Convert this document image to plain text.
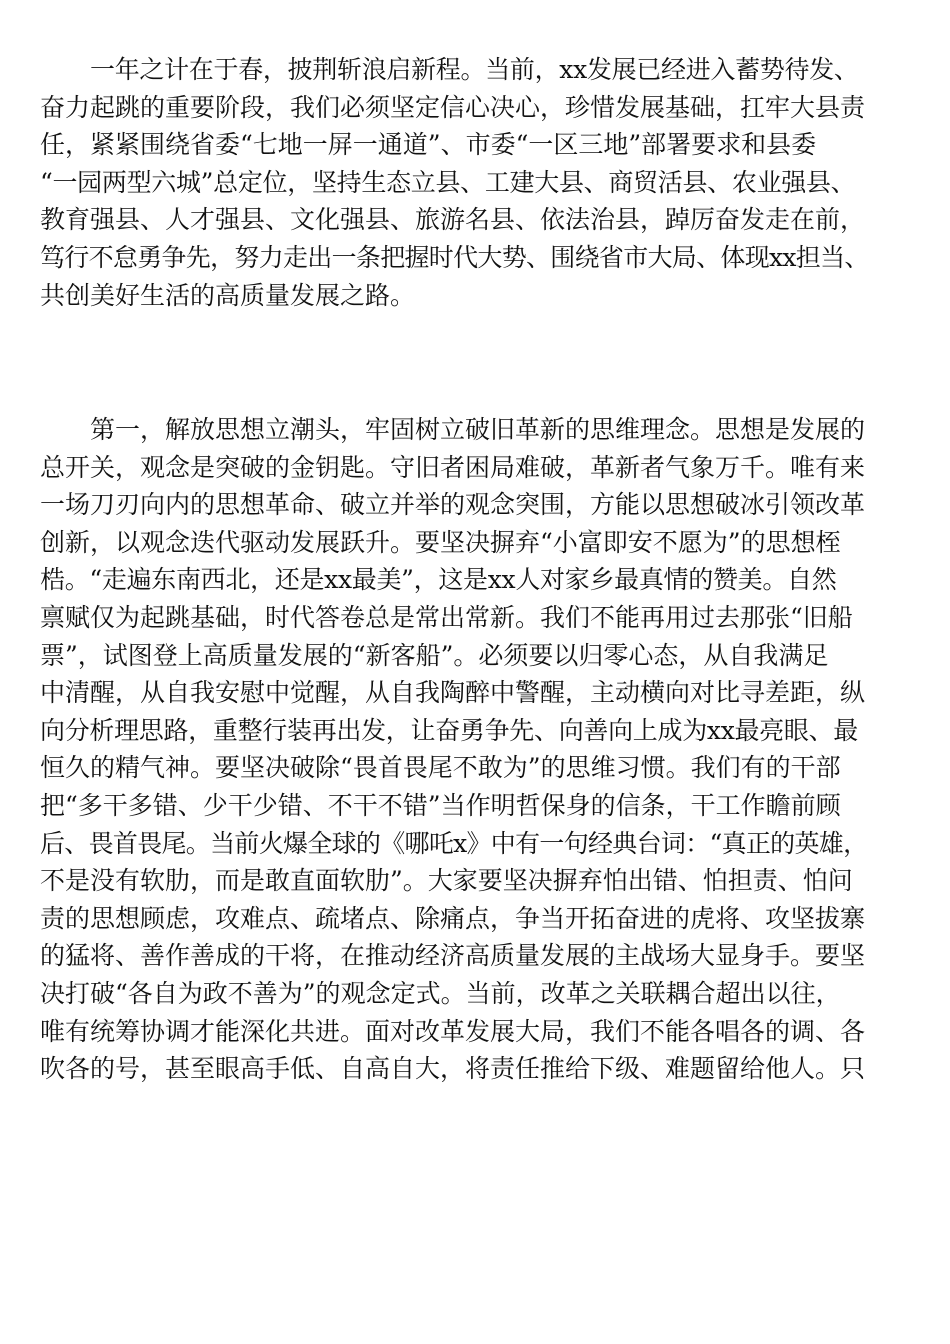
一年之计在于春，披荆斩浪启新程。当前，xx发展已经进入蓄势待发、
奋力起跳的重要阶段，我们必须坚定信心决心，珍惜发展基础，扛牢大县责
任，紧紧围绕省委“七地一屏一通道”、市委“一区三地”部署要求和县委
“一园两型六城”总定位，坚持生态立县、工建大县、商贸活县、农业强县、
教育强县、人才强县、文化强县、旅游名县、依法治县，踔厉奋发走在前，
笃行不怠勇争先，努力走出一条把握时代大势、围绕省市大局、体现xx担当、
共创美好生活的高质量发展之路。
第一，解放思想立潮头，牢固树立破旧革新的思维理念。思想是发展的
总开关，观念是突破的金钥匙。守旧者困局难破，革新者气象万千。唯有来
一场刀刃向内的思想革命、破立并举的观念突围，方能以思想破冰引领改革
创新，以观念迭代驱动发展跃升。要坚决摒弃“小富即安不愿为”的思想桎
梏。“走遍东南西北，还是xx最美”，这是xx人对家乡最真情的赞美。自然
禀赋仅为起跳基础，时代答卷总是常出常新。我们不能再用过去那张“旧船
票”，试图登上高质量发展的“新客船”。必须要以归零心态，从自我满足
中清醒，从自我安慰中觉醒，从自我陶醉中警醒，主动横向对比寻差距，纵
向分析理思路，重整行装再出发，让奋勇争先、向善向上成为xx最亮眼、最
恒久的精气神。要坚决破除“畏首畏尾不敢为”的思维习惯。我们有的干部
把“多干多错、少干少错、不干不错”当作明哲保身的信条，干工作瞻前顾
后、畏首畏尾。当前火爆全球的《哪吒x》中有一句经典台词：“真正的英雄，
不是没有软肋，而是敢直面软肋”。大家要坚决摒弃怕出错、怕担责、怕问
责的思想顾虑，攻难点、疏堵点、除痛点，争当开拓奋进的虎将、攻坚拔寨
的猛将、善作善成的干将，在推动经济高质量发展的主战场大显身手。要坚
决打破“各自为政不善为”的观念定式。当前，改革之关联耦合超出以往，
唯有统筹协调才能深化共进。面对改革发展大局，我们不能各唱各的调、各
吹各的号，甚至眼高手低、自高自大，将责任推给下级、难题留给他人。只
